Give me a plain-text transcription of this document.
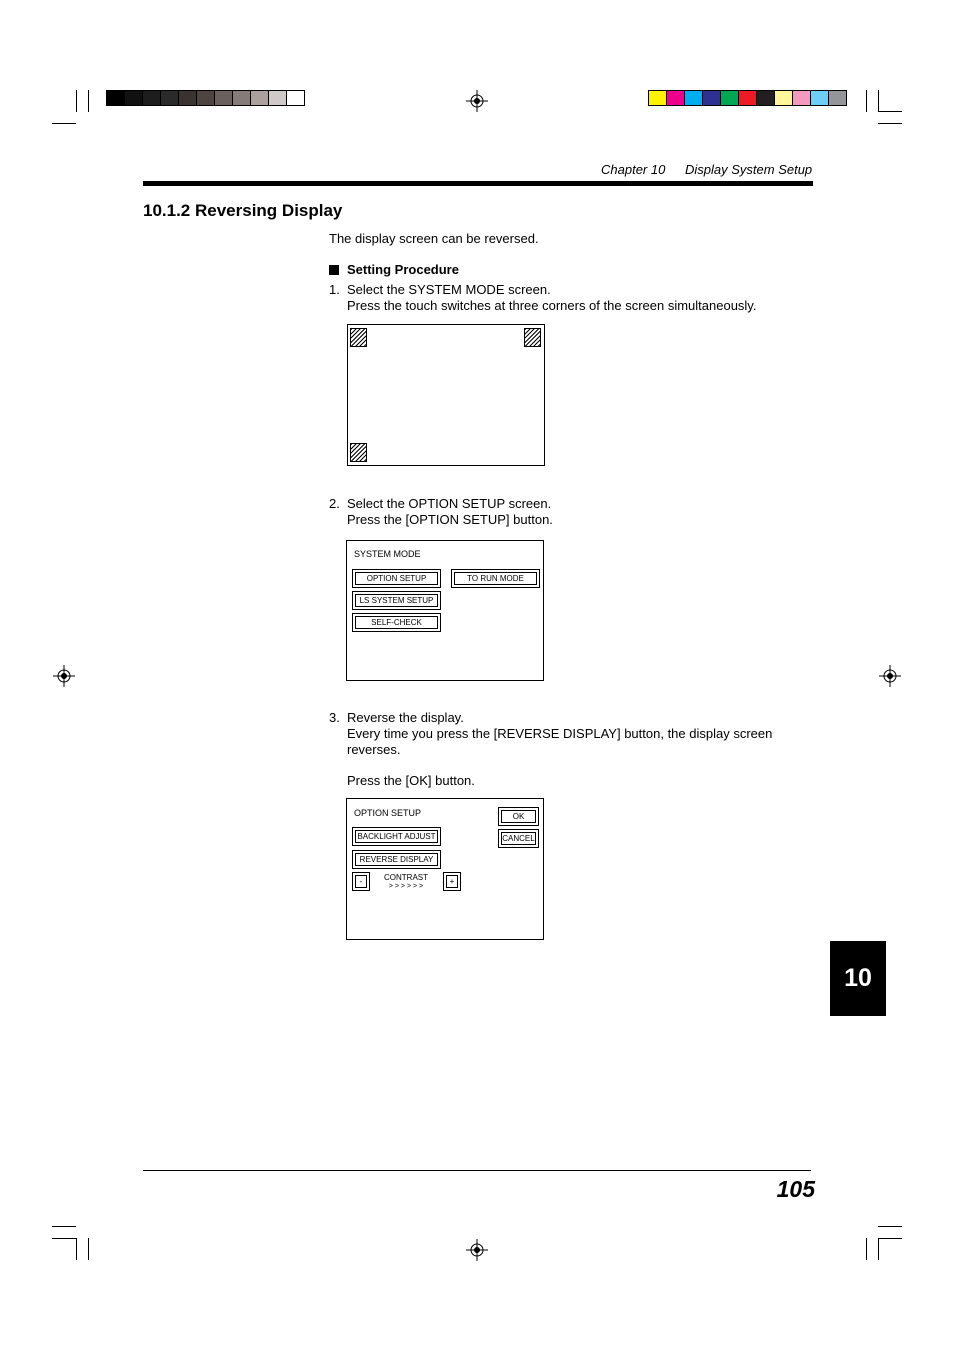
Chapter 10 Display System Setup
10.1.2 Reversing Display
The display screen can be reversed.
Setting Procedure
1. Select the SYSTEM MODE screen.
Press the touch switches at three corners of the screen simultaneously.
2. Select the OPTION SETUP screen.
Press the [OPTION SETUP] button.
SYSTEM MODE
OPTION SETUP	TO RUN MODE
LS SYSTEM SETUP
SELF-CHECK
3. Reverse the display.
Every time you press the [REVERSE DISPLAY] button, the display screen
reverses.
Press the [OK] button.
OPTION SETUP	OK
CANCEL
BACKLIGHT ADJUST
REVERSE DISPLAY
-	+
CONTRAST
> > > > > >
10
105
